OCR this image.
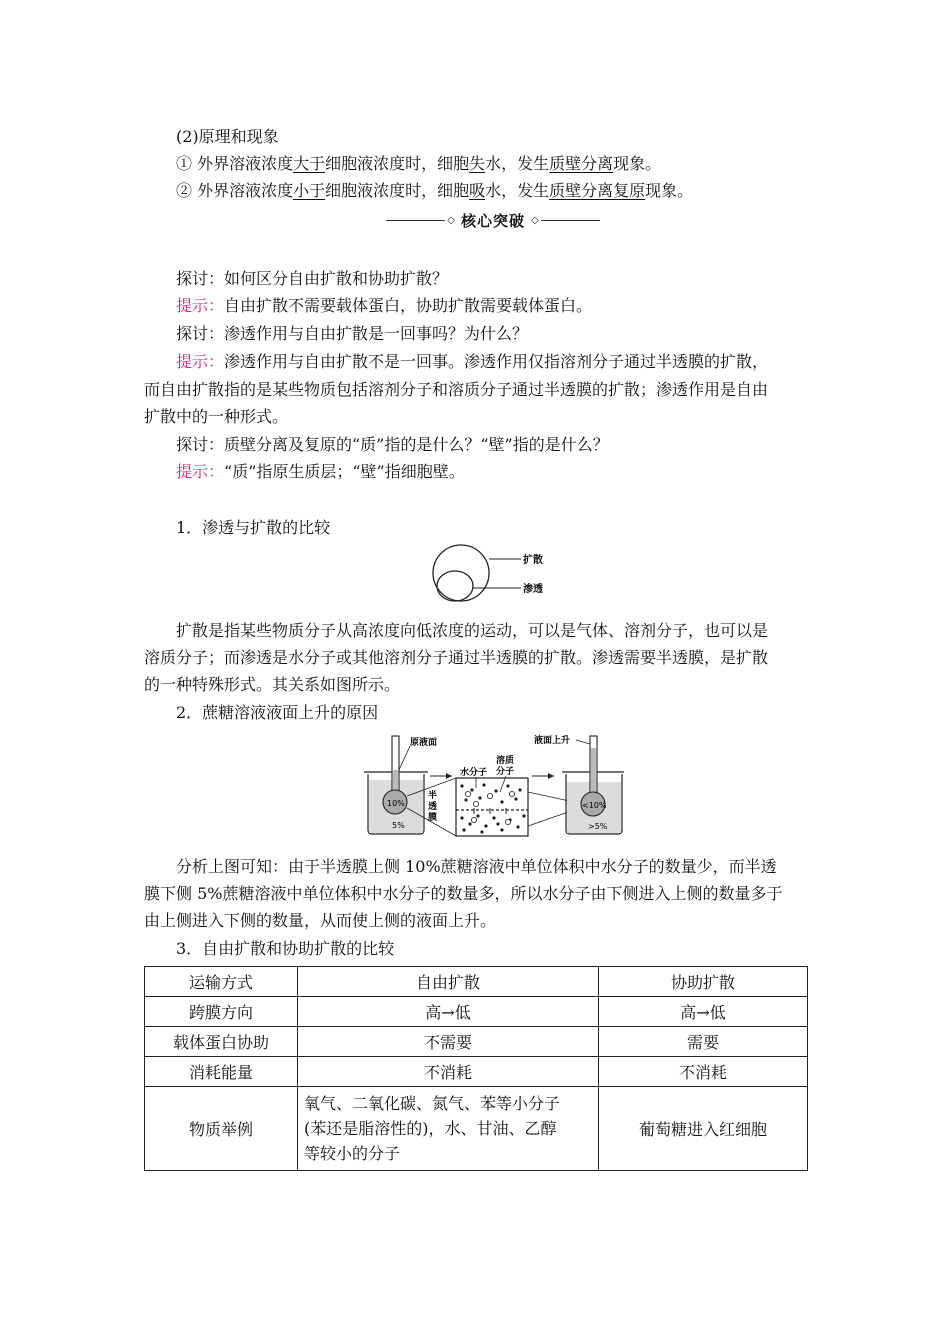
(2)原理和现象
① 外界溶液浓度大于细胞液浓度时，细胞失水，发生质壁分离现象。
② 外界溶液浓度小于细胞液浓度时，细胞吸水，发生质壁分离复原现象。
◇ 核心突破 ◇
探讨：如何区分自由扩散和协助扩散？
提示：自由扩散不需要载体蛋白，协助扩散需要载体蛋白。
探讨：渗透作用与自由扩散是一回事吗？为什么？
提示：渗透作用与自由扩散不是一回事。渗透作用仅指溶剂分子通过半透膜的扩散，
而自由扩散指的是某些物质包括溶剂分子和溶质分子通过半透膜的扩散；渗透作用是自由
扩散中的一种形式。
探讨：质壁分离及复原的“质”指的是什么？“壁”指的是什么？
提示：“质”指原生质层；“壁”指细胞壁。
1．渗透与扩散的比较
扩散
渗透
扩散是指某些物质分子从高浓度向低浓度的运动，可以是气体、溶剂分子，也可以是
溶质分子；而渗透是水分子或其他溶剂分子通过半透膜的扩散。渗透需要半透膜，是扩散
的一种特殊形式。其关系如图所示。
2．蔗糖溶液液面上升的原因
10%
5%
原液面
半
透
膜
水分子
溶质
分子
<10%
>5%
液面上升
分析上图可知：由于半透膜上侧 10%蔗糖溶液中单位体积中水分子的数量少，而半透
膜下侧 5%蔗糖溶液中单位体积中水分子的数量多，所以水分子由下侧进入上侧的数量多于
由上侧进入下侧的数量，从而使上侧的液面上升。
3．自由扩散和协助扩散的比较
运输方式	自由扩散	协助扩散
跨膜方向	高→低	高→低
载体蛋白协助	不需要	需要
消耗能量	不消耗	不消耗
物质举例	氧气、二氧化碳、氮气、苯等小分子
(苯还是脂溶性的)，水、甘油、乙醇
等较小的分子	葡萄糖进入红细胞
